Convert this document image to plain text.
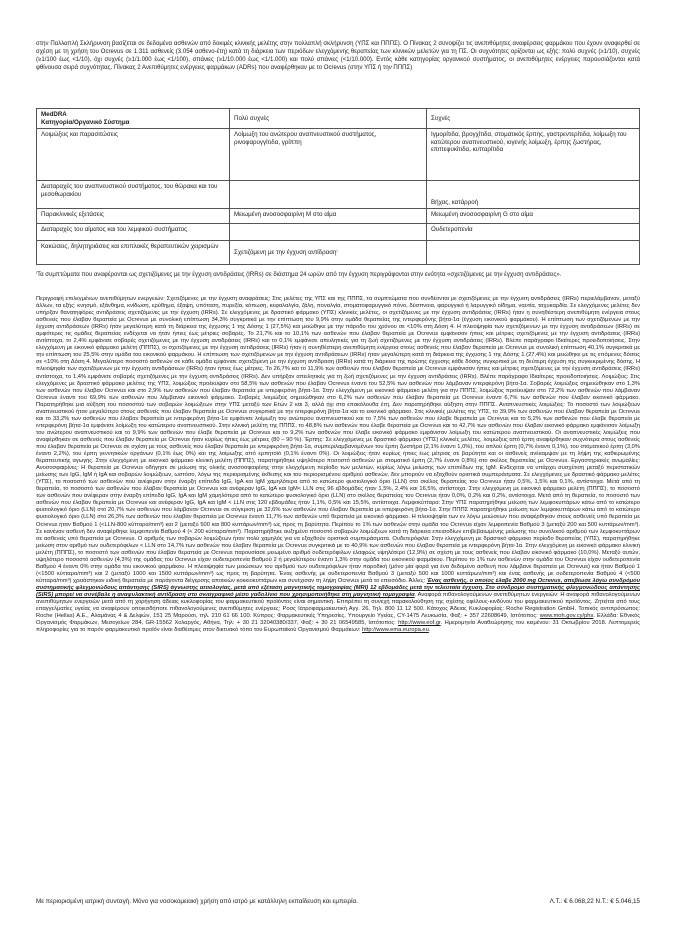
στην Παλλαπλή Σκλήρυνση βασίζεται σε δεδομένα ασθενών από δοκιμές κλινικής μελέτης στην πολλαπλή σκλήρυνση (ΥΠΣ και ΠΠΠΣ). Ο Πίνακας 2 συνοψίζει τις ανεπιθύμητες αναφέρσεις φαρμάκου που έχουν αναφερθεί σε σχέση με τη χρήση του Ocrevus σε 1.311 ασθενείς (3.054 ασθενο-έτη) κατά τη διάρκεια των περιόδων ελεγχόμενης θεραπείας των κλινικών μελετών για τη ΠΣ. Οι συχνότητες ορίζονται ως εξής: πολύ συχνές (≥1/10), συχνές (≥1/100 έως <1/10), όχι συχνές (≥1/1.000 έως <1/100), σπάνιες (≥1/10.000 έως <1/1.000) και πολύ σπάνιες (<1/10.000). Εντός κάθε κατηγορίας οργανικού συστήματος, οι ανεπιθύμητες ενέργειες παρουσιάζονται κατά φθίνουσα σειρά συχνότητας. Πίνακας 2 Ανεπιθύμητες ενέργειες φαρμάκων (ADRs) που αναφέρθηκαν με το Ocrevus (στην ΥΠΣ ή την ΠΠΠΣ)

MedDRA
Κατηγορία/Οργανικό Σύστημα	Πολύ συχνές	Συχνές
Λοιμώξεις και παρασιτώσεις	Λοίμωξη του ανώτερου αναπνευστικού συστήματος, ρινοφαρυγγίτιδα, γρίππη	Ιγμορίτιδα, βρογχίτιδα, στοματικός έρπης, γαστρεντερίτιδα, λοίμωξη του κατώτερου αναπνευστικού, ιογενής λοίμωξη, έρπης ζωστήρας, επιπεφυκίτιδα, κυτταρίτιδα
Διαταραχές του αναπνευστικού συστήματος, του θώρακα και του μεσοθωρακίου		Βήχας, κατάρροή
Παρακλινικές εξετάσεις	Μειωμένη ανοσοσφαιρίνη Μ στο αίμα	Μειωμένη ανοσοσφαιρίνη G στο αίμα
Διαταραχές του αίματος και του λεμφικού συστήματος		Ουδετεροπενία
Κακώσεις, δηλητηριάσεις και επιπλοκές θεραπευτικών χειρισμών	Σχετιζόμενη με την έγχυση αντίδρασηⁱ	

ⁱΤα συμπτώματα που αναφέρονται ως σχετιζόμενες με την έγχυση αντιδράσεις (IRRs) σε διάστημα 24 ωρών από την έγχυση περιγράφονται στην ενότητα «σχετιζόμενες με την έγχυση αντιδράσεις».

Περιγραφή επιλεγμένων ανεπιθύμητων ενεργειών: Σχετιζόμενες με την έγχυση αναφράσεις: Στις μελέτες της ΥΠΣ και της ΠΠΠΣ, τα συμπτώματα που συνδέονται με σχετιζόμενες με την έγχυση αντιδράσεις (IRRs) περιελάμβαναν, μεταξύ άλλων, τα εξής: κνησμό, εξάνθημα, κνίδωση, ερύθημα, έξαψη, υπόταση, πυρεξία, κόπωση, κεφαλαλγία, ζάλη, ποναλγία, στοματοφαρυγγικό πόνο, δύσπνοια, φαρυγγικό ή λαρυγγικό οίδημα, ναυτία, ταχυκαρδία. Σε ελεγχόμενες μελέτες δεν υπήρξαν θανατηφόρες αντιδράσεις σχετιζόμενες με την έγχυση (IRRs). Σε ελεγχόμενες με δραστικό φάρμακο (ΥΠΣ) κλινικές μελέτες, οι σχετιζόμενες με την έγχυση αντιδράσεις (IRRs) ήταν η συνηθέστερη ανεπιθύμητη ενέργεια στους ασθενείς που έλαβαν θεραπεία με Ocrevus με συνολική επίπτωση 34,3% συγκριτικά με την επίπτωση του 9,9% στην ομάδα θεραπείας της ιντερφερόνης βήτα-1α (έγχυση εικονικού φαρμάκου). Η επίπτωση των σχετιζόμενων με την έγχυση αντιδράσεων (IRRs) ήταν μεγαλύτερη κατά τη διάρκεια της έγχυσης 1 της Δόσης 1 (27,5%) και μειώθηκε με την πάροδο του χρόνου σε <10% στη Δόση 4. Η πλειοψηφία των σχετιζόμενων με την έγχυση αντιδράσεων (IRRs) σε αμφότερες τις ομάδες θεραπείας ενδέχεται να ήταν ήπιες έως μέτριες σοβαρές. Το 21,7% και το 10,1% των ασθενών που έλαβαν θεραπεία με Ocrevus εμφάνισαν ήπιες και μέτριες σχετιζόμενες με την έγχυση αντιδράσεις (IRRs) αντίστοιχα, το 2,4% εμφάνισε σοβαρές σχετιζόμενες με την έγχυση αντιδράσεις (IRRs) και το 0,1% εμφάνισε απειλητικές για τη ζωή σχετιζόμενες με την έγχυση αντιδράσεις (IRRs). Βλέπε παράγραφο Ιδιαίτερες προειδοποιήσεις. Στην ελεγχόμενη με εικονικό φάρμακο μελέτη (ΠΠΠΣ), οι σχετιζόμενες με την έγχυση αντιδράσεις (IRRs) ήταν η συνηθέστερη ανεπιθύμητη ενέργεια στους ασθενείς που έλαβαν θεραπεία με Ocrevus με συνολική επίπτωση 40,1% συγκριτικά με την επίπτωση του 25,5% στην ομάδα του εικονικού φαρμάκου. Η επίπτωση των σχετιζόμενων με την έγχυση αντιδράσεων (IRRs) ήταν μεγαλύτερη κατά τη διάρκεια της έγχυσης 1 της Δόσης 1 (27,4%) και μειώθηκε με τις επόμενες δόσεις σε <10% στη Δόση 4. Μεγαλύτερο ποσοστό ασθενών σε κάθε ομάδα εμφάνισε σχετιζόμενη με την έγχυση αντίδραση (IRRs) κατά τη διάρκεια της πρώτης έγχυσης κάθε δόσης συγκριτικά με τη δεύτερη έγχυση της συγκεκριμένης δόσης. Η πλειοψηφία των σχετιζόμενων με την έγχυση αντιδράσεων (IRRs) ήταν ήπιες έως μέτριες. Το 26,7% και το 11,9% των ασθενών που έλαβαν θεραπεία με Ocrevus εμφάνισαν ήπιες και μέτριες σχετιζόμενες με την έγχυση αντιδράσεις (IRRs) αντίστοιχα, το 1,4% εμφάνισε σοβαρές σχετιζόμενες με την έγχυση αντιδράσεις (IRRs). Δεν υπήρξαν απειλητικές για τη ζωή σχετιζόμενες με την έγχυση αντιδράσεις (IRRs). Βλέπε παράγραφο Ιδιαίτερες προειδοποιήσεις. Λοιμώξεις: Στις ελεγχόμενες με δραστικό φάρμακο μελέτες της ΥΠΣ, λοιμώξεις προέκυψαν στο 58,5% των ασθενών που έλαβαν Ocrevus έναντι του 52,5% των ασθενών που λάμβαναν ιντερφερόνη βήτα-1α. Σοβαρές λοιμώξεις σημειώθηκαν στο 1,3% των ασθενών που έλαβαν Ocrevus και στο 2,9% των ασθενών που έλαβαν θεραπεία με ιντερφερόνη βήτα-1α. Στην ελεγχόμενη με εικονικό φάρμακο μελέτη για την ΠΠΠΣ, λοιμώξεις προέκυψαν στο 72,2% των ασθενών που λάμβαναν Ocrevus έναντι του 69,9% των ασθενών που λάμβαναν εικονικό φάρμακο. Σοβαρές λοιμώξεις σημειώθηκαν στο 6,2% των ασθενών που έλαβαν θεραπεία με Ocrevus έναντι 6,7% των ασθενών που έλαβαν εικονικό φάρμακο. Παρατηρήθηκε μια αύξηση του ποσοστού των σοβαρών λοιμώξεων στην ΥΠΣ μεταξύ των Ετών 2 και 3, αλλά όχι στα επακόλουθα έτη. Δεν παρατηρήθηκε αύξηση στην ΠΠΠΣ. Αναπνευστικές λοιμώξεις: Το ποσοστό των λοιμώξεων αναπνευστικού ήταν μεγαλύτερο στους ασθενείς που έλαβαν θεραπεία με Ocrevus συγκριτικά με την ιντερφερόνη βήτα-1α και το εικονικό φάρμακο. Στις κλινικές μελέτες της ΥΠΣ, το 39,9% των ασθενών που έλαβαν θεραπεία με Ocrevus και το 33,2% των ασθενών που έλαβαν θεραπεία με ιντερφερόνη βήτα-1α εμφάνισε λοίμωξη του ανώτερου αναπνευστικού και το 7,5% των ασθενών που έλαβε θεραπεία με Ocrevus και το 5,2% των ασθενών που έλαβε θεραπεία με ιντερφερόνη βήτα-1α εμφάνισε λοίμωξη του κατώτερου αναπνευστικού. Στην κλινική μελέτη της ΠΠΠΣ, το 48,8% των ασθενών που έλαβε θεραπεία με Ocrevus και το 42,7% των ασθενών που έλαβαν εικονικό φάρμακο εμφάνισαν λοίμωξη του ανώτερου αναπνευστικού και το 9,9% των ασθενών που έλαβε θεραπεία με Ocrevus και το 9,2% των ασθενών που έλαβε εικονικό φάρμακο εμφάνισαν λοίμωξη του κατώτερου αναπνευστικού. Οι αναπνευστικές λοιμώξεις που αναφέρθηκαν σε ασθενείς που έλαβαν θεραπεία με Ocrevus ήταν κυρίως ήπιες έως μέτριες (80 – 90 %). Έρπης: Σε ελεγχόμενες με δραστικό φάρμακο (ΥΠΣ) κλινικές μελέτες, λοιμώξεις από έρπη αναφέρθηκαν συχνότερα στους ασθενείς που έλαβαν θεραπεία με Ocrevus σε σχέση με τους ασθενείς που έλαβαν θεραπεία με ιντερφερόνη βήτα-1α, συμπεριλαμβανομένων του έρπη ζωστήρα (2,1% έναντι 1,0%), του απλού έρπη (0,7% έναντι 0,1%), του στοματικού έρπη (3,0% έναντι 2,2%), του έρπη γεννητικών οργάνων (0,1% έως 0%) και της λοίμωξης από ερπητοϊό (0,1% έναντι 0%). Οι λοιμώξεις ήταν κυρίως ήπιες έως μέτριας σε βαρύτητα και οι ασθενείς ανέκαμψαν με τη λήψη της καθιερωμένης θεραπευτικής αγωγής. Στην ελεγχόμενη με εικονικό φάρμακο κλινική μελέτη (ΠΠΠΣ), παρατηρήθηκε υψηλότερο ποσοστό ασθενών με στοματικό έρπη (2,7% έναντι 0,8%) στο σκέλος θεραπείας με Ocrevus. Εργαστηριακές ανωμαλίες: Ανοσοσφαιρίνες: Η θεραπεία με Ocrevus οδήγησε σε μείωση της ολικής ανοσοσφαιρίνης στην ελεγχόμενη περίοδο των μελετών, κυρίως λόγω μείωσης των επιπέδων της IgM. Ενδεχεται να υπάρχει συσχέτιση μεταξύ περιστατικών μείωσης των IgG, IgM ή IgA και σοβαρών λοιμώξεων, ωστόσο, λόγω της περιορισμένης έκθεσης και του περιορισμένου αριθμού ασθενών, δεν μπορούν να εξαχθούν οριστικά συμπεράσματα. Σε ελεγχόμενες με δραστικό φάρμακο μελέτες (ΥΠΣ), το ποσοστό των ασθενών που ανέφεραν στην έναρξη επίπεδα IgG, IgA και IgM χαμηλότερα από το κατώτερο φυσιολογικό όριο (LLN) στο σκέλος θεραπείας του Ocrevus ήταν 0,5%, 1,5% και 0,1%, αντίστοιχα. Μετά από τη θεραπεία, το ποσοστό των ασθενών που έλαβαν θεραπεία με Ocrevus και ανέφεραν IgG, IgA και IgM< LLN στις 96 εβδομάδες ήταν 1,5%, 2,4% και 16,5%, αντίστοιχα. Στην ελεγχόμενη με εικονικό φάρμακο μελέτη (ΠΠΠΣ), το ποσοστό των ασθενών που ανέφεραν στην έναρξη επίπεδα IgG, IgA και IgM χαμηλότερα από το κατώτερο φυσιολογικό όριο (LLN) στο σκέλος θεραπείας του Ocrevus ήταν 0,0%, 0,2% και 0,2%, αντίστοιχα. Μετά από τη θεραπεία, το ποσοστό των ασθενών που έλαβαν θεραπεία με Ocrevus και ανέφεραν IgG, IgA και IgM < LLN στις 120 εβδομάδες ήταν 1,1%, 0,5% και 15,5%, αντίστοιχα. Λεμφοκύτταρα: Στην ΥΠΣ παρατηρήθηκε μείωση των λεμφοκυττάρων κάτω από το κατώτερο φυσιολογικό όριο (LLN) στο 20,7% των ασθενών που λάμβαναν Ocrevus σε σύγκριση με 32,6% των ασθενών που έλαβαν θεραπεία με ιντερφερόνη βήτα-1α. Στην ΠΠΠΣ παρατηρήθηκε μείωση των λεμφοκυττάρων κάτω από το κατώτερο φυσιολογικό όριο (LLN) στο 26,3% των ασθενών που έλαβαν θεραπεία με Ocrevus έναντι 11,7% των ασθενών υπό θεραπεία με εικονικό φάρμακο. Η πλειοψηφία των εν λόγω μειώσεων που αναφέρθηκαν στους ασθενείς υπό θεραπεία με Ocrevus ήταν Βαθμού 1 (<LLN-800 κύτταρα/mm³) και 2 (μεταξύ 500 και 800 κυττάρων/mm³) ως προς τη βαρύτητα. Περίπου το 1% των ασθενών στην ομάδα του Ocrevus είχαν λεμφοπενία Βαθμού 3 (μεταξύ 200 και 500 κυττάρων/mm³). Σε κανέναν ασθενή δεν αναφέρθηκε λεμφοπενία Βαθμού 4 (< 200 κύτταρα/mm³). Παρατηρήθηκε αυξημένο ποσοστό σοβαρών λοιμώξεων κατά τη διάρκεια επεισοδίων επιβεβαιωμένης μείωσης του συνολικού αριθμού των λεμφοκυττάρων σε ασθενείς υπό θεραπεία με Ocrevus. Ο αριθμός των σοβαρών λοιμώξεων ήταν πολύ χαμηλός για να εξαχθούν οριστικά συμπεράσματα. Ουδετερόφιλα: Στην ελεγχόμενη με δραστικό φάρμακο περίοδο θεραπείας (ΥΠΣ), παρατηρήθηκε μείωση στον αριθμό των ουδετερόφιλων < LLN στο 14,7% των ασθενών που έλαβαν θεραπεία με Ocrevus συγκριτικά με το 40,9% των ασθενών που έλαβαν θεραπεία με ιντερφερόνη βήτα-1α. Στην ελεγχόμενη με εικονικό φάρμακο κλινική μελέτη (ΠΠΠΣ), το ποσοστό των ασθενών που έλαβαν θεραπεία με Ocrevus παρουσίασε μειωμένο αριθμό ουδετερόφιλων ελαφρώς υψηλότερο (12,9%) σε σχέση με τους ασθενείς που έλαβαν εικονικό φάρμακο (10,0%). Μεταξύ αυτών, υψηλότερο ποσοστό ασθενών (4,3%) της ομάδας του Ocrevus είχαν ουδετεροπενία Βαθμού 2 ή μεγαλύτερου έναντι 1,3% στην ομάδα του εικονικού φαρμάκου. Περίπου το 1% των ασθενών στην ομάδα του Ocrevus είχαν ουδετεροπενία Βαθμού 4 έναντι 0% στην ομάδα του εικονικού φαρμάκου. Η πλειοψηφία των μειώσεων του αριθμού των ουδετερόφιλων ήταν παροδική (μόνο μία φορά για ένα δεδομένο ασθενή που λάμβανε θεραπεία με Ocrevus) και ήταν Βαθμού 1 (<1500 κύτταρα/mm³) και 2 (μεταξύ 1000 και 1500 κυττάρων/mm³) ως προς τη βαρύτητα. Ένας ασθενής με ουδετεροπενία Βαθμού 3 (μεταξύ 500 και 1000 κυττάρων/mm³) και ένας ασθενής με ουδετεροπενία Βαθμού 4 (<500 κύτταρα/mm³) χρειάστηκαν ειδική θεραπεία με παράγοντα διέγερσης αποικιών κοκκιοκυττάρων και συνέχισαν τη λήψη Ocrevus μετά το επεισόδιο. Άλλες: Ένας ασθενής, ο οποίος έλαβε 2000 mg Ocrevus, απεβίωσε λόγω συνδρόμου συστηματικής φλεγμονώδους απάντησης (SIRS) άγνωστης αιτιολογίας, μετά από εξέταση μαγνητικής τομογραφίας (MRI) 12 εβδομάδες μετά την τελευταία έγχυση. Στο σύνδρομο συστηματικής φλεγμονώδους απάντησης (SIRS) μπορεί να συνέβαλε η αναφυλακτική αντίδραση στο σκιαγραφικό μέσο γαδολίνιο που χρησιμοποιήθηκε στη μαγνητική τομογραφία. Αναφορά πιθανολογούμενων ανεπιθύμητων ενεργειών: Η αναφορά πιθανολογούμενων ανεπιθύμητων ενεργειών μετά από τη χορήγηση άδειας κυκλοφορίας του φαρμακευτικού προϊόντος είναι σημαντική. Επιτρέπει τη συνεχή παρακολούθηση της σχέσης οφέλους-κινδύνου του φαρμακευτικού προϊόντος. Ζητείται από τους επαγγελματίες υγείας να αναφέρουν οποιεσδήποτε πιθανολογούμενες ανεπιθύμητες ενέργειες: Ροσς Ιατροφαρμακευτική Αγγ. 26, Τηλ. 800 11 12 500. Κάτοχος Άδειας Κυκλοφορίας: Roche Registration GmbH. Τοπικός αντιπρόσωπος: Roche (Hellas) A.E., Αλαμάνας 4 & Δελφών, 151 25 Μαρούσι, τηλ. 210 61 66 100. Κύπρος: Φαρμακευτικές Υπηρεσίες, Υπουργείο Υγείας, CY-1475 Λευκωσία, Φαξ: + 357 22608649, Ιστότοπος: www.moh.gov.cy/phs. Ελλάδα: Εθνικός Οργανισμός Φαρμάκων, Μεσογείων 284, GR-15562 Χολαργός, Αθήνα, Τηλ: + 30 21 32040380/337, Φαξ: + 30 21 06549585, Ιστότοπος: http://www.eof.gr. Ημερομηνία Αναθεώρησης του κειμένου: 31 Οκτωβρίου 2018. Λεπτομερείς πληροφορίες για το παρόν φαρμακευτικό προϊόν είναι διαθέσιμες στον δικτυακό τόπο του Ευρωπαϊκού Οργανισμού Φαρμάκων: http://www.ema.europa.eu.

Με περιορισμένη ιατρική συνταγή. Μόνο για νοσοκομειακή χρήση από ιατρό με κατάλληλη εκπαίδευση και εμπειρία.	Λ.Τ.: € 6.068,22 Ν.Τ.: € 5.046,15
